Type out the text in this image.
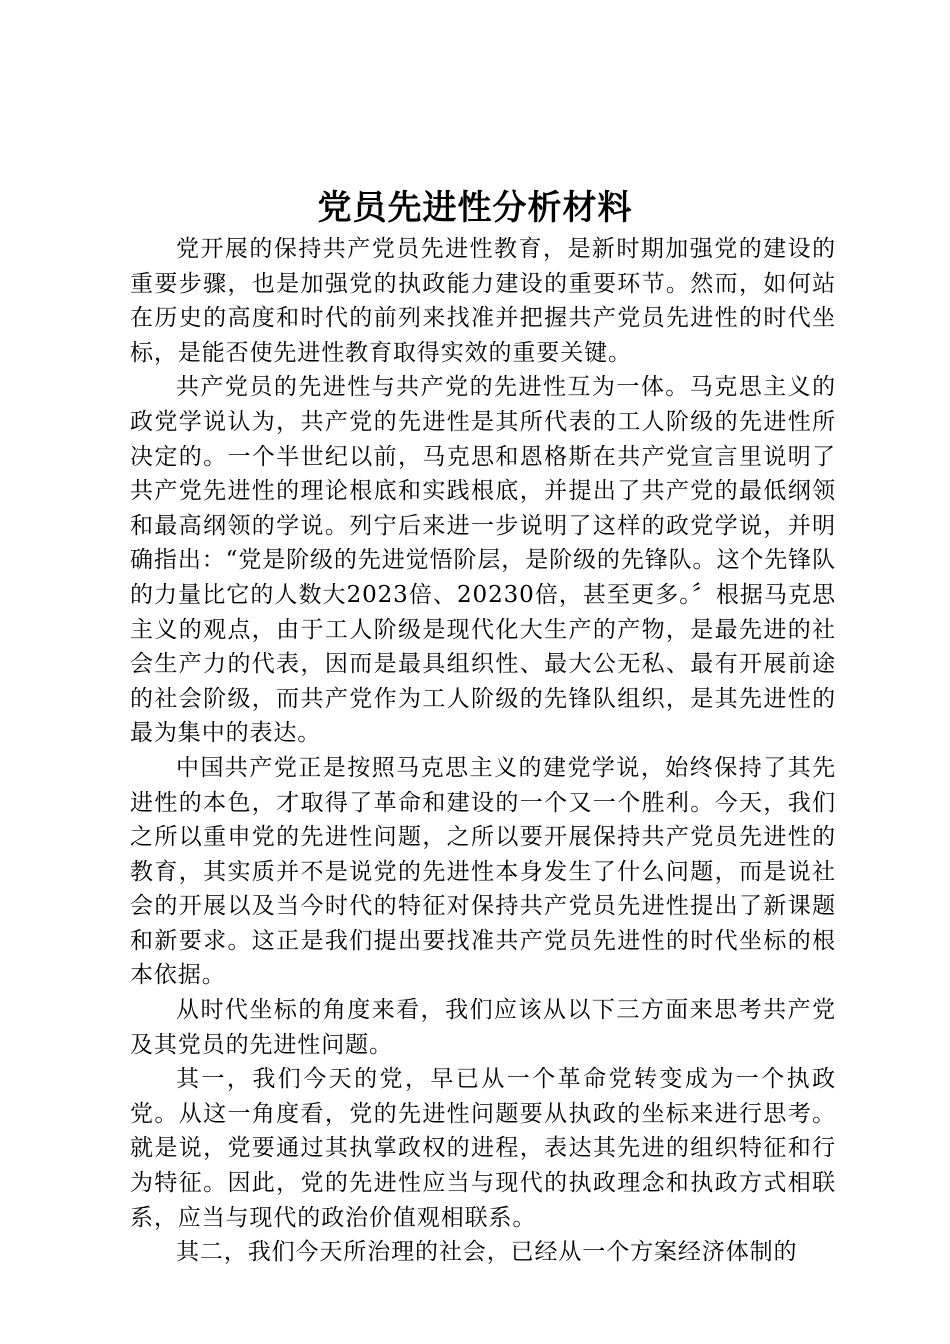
党员先进性分析材料

党开展的保持共产党员先进性教育，是新时期加强党的建设的重要步骤，也是加强党的执政能力建设的重要环节。然而，如何站在历史的高度和时代的前列来找准并把握共产党员先进性的时代坐标，是能否使先进性教育取得实效的重要关键。

共产党员的先进性与共产党的先进性互为一体。马克思主义的政党学说认为，共产党的先进性是其所代表的工人阶级的先进性所决定的。一个半世纪以前，马克思和恩格斯在共产党宣言里说明了共产党先进性的理论根底和实践根底，并提出了共产党的最低纲领和最高纲领的学说。列宁后来进一步说明了这样的政党学说，并明确指出：“党是阶级的先进觉悟阶层，是阶级的先锋队。这个先锋队的力量比它的人数大2023倍、20230倍，甚至更多。〞根据马克思主义的观点，由于工人阶级是现代化大生产的产物，是最先进的社会生产力的代表，因而是最具组织性、最大公无私、最有开展前途的社会阶级，而共产党作为工人阶级的先锋队组织，是其先进性的最为集中的表达。

中国共产党正是按照马克思主义的建党学说，始终保持了其先进性的本色，才取得了革命和建设的一个又一个胜利。今天，我们之所以重申党的先进性问题，之所以要开展保持共产党员先进性的教育，其实质并不是说党的先进性本身发生了什么问题，而是说社会的开展以及当今时代的特征对保持共产党员先进性提出了新课题和新要求。这正是我们提出要找准共产党员先进性的时代坐标的根本依据。

从时代坐标的角度来看，我们应该从以下三方面来思考共产党及其党员的先进性问题。

其一，我们今天的党，早已从一个革命党转变成为一个执政党。从这一角度看，党的先进性问题要从执政的坐标来进行思考。就是说，党要通过其执掌政权的进程，表达其先进的组织特征和行为特征。因此，党的先进性应当与现代的执政理念和执政方式相联系，应当与现代的政治价值观相联系。

其二，我们今天所治理的社会，已经从一个方案经济体制的
